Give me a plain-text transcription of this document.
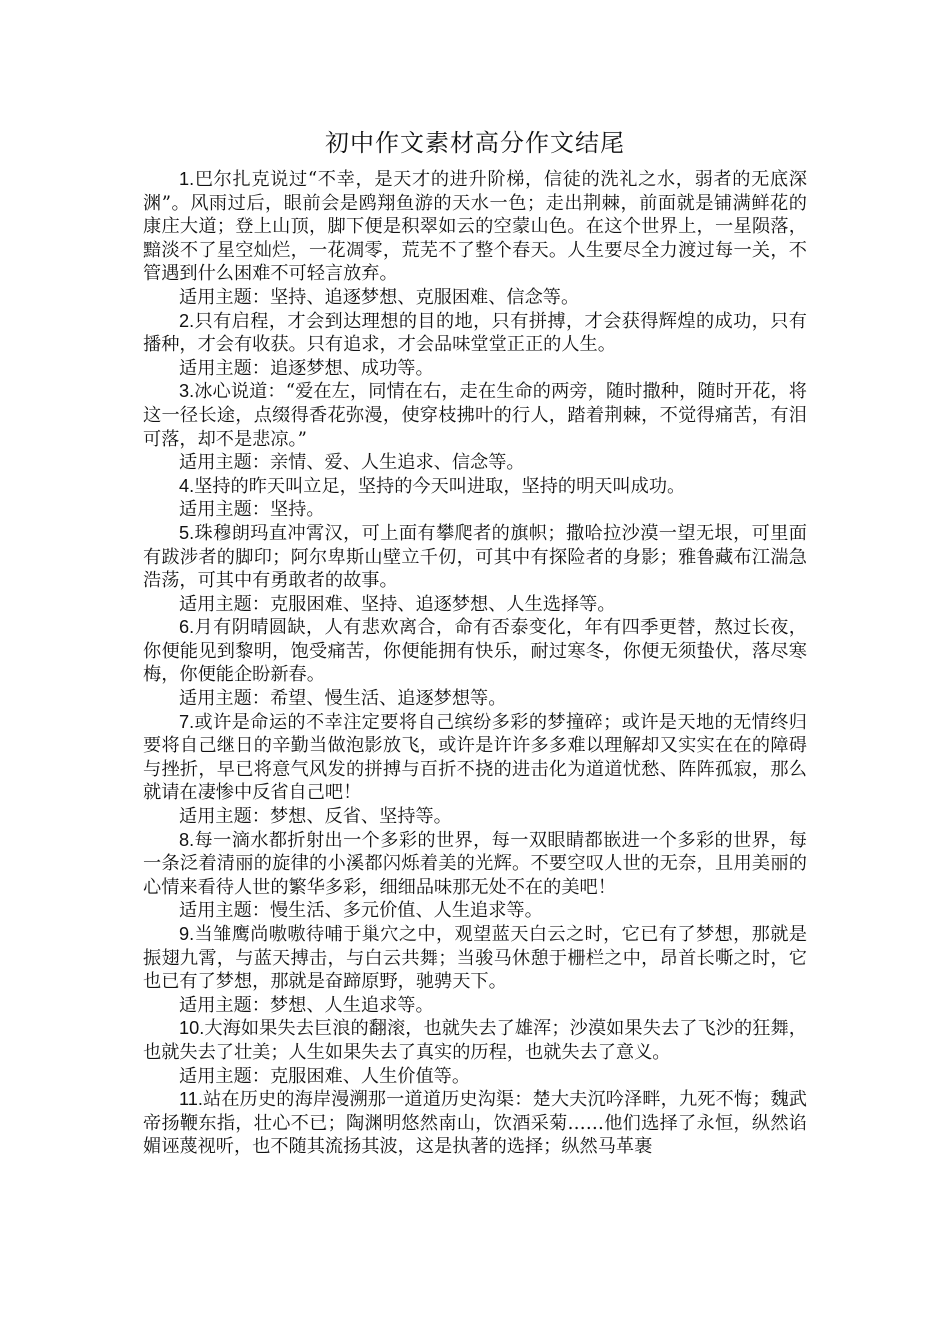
初中作文素材高分作文结尾

1.巴尔扎克说过“不幸，是天才的进升阶梯，信徒的洗礼之水，弱者的无底深渊”。风雨过后，眼前会是鸥翔鱼游的天水一色；走出荆棘，前面就是铺满鲜花的康庄大道；登上山顶，脚下便是积翠如云的空蒙山色。在这个世界上，一星陨落，黯淡不了星空灿烂，一花凋零，荒芜不了整个春天。人生要尽全力渡过每一关，不管遇到什么困难不可轻言放弃。

适用主题：坚持、追逐梦想、克服困难、信念等。

2.只有启程，才会到达理想的目的地，只有拼搏，才会获得辉煌的成功，只有播种，才会有收获。只有追求，才会品味堂堂正正的人生。

适用主题：追逐梦想、成功等。

3.冰心说道：“爱在左，同情在右，走在生命的两旁，随时撒种，随时开花，将这一径长途，点缀得香花弥漫，使穿枝拂叶的行人，踏着荆棘，不觉得痛苦，有泪可落，却不是悲凉。”

适用主题：亲情、爱、人生追求、信念等。

4.坚持的昨天叫立足，坚持的今天叫进取，坚持的明天叫成功。

适用主题：坚持。

5.珠穆朗玛直冲霄汉，可上面有攀爬者的旗帜；撒哈拉沙漠一望无垠，可里面有跋涉者的脚印；阿尔卑斯山壁立千仞，可其中有探险者的身影；雅鲁藏布江湍急浩荡，可其中有勇敢者的故事。

适用主题：克服困难、坚持、追逐梦想、人生选择等。

6.月有阴晴圆缺，人有悲欢离合，命有否泰变化，年有四季更替，熬过长夜，你便能见到黎明，饱受痛苦，你便能拥有快乐，耐过寒冬，你便无须蛰伏，落尽寒梅，你便能企盼新春。

适用主题：希望、慢生活、追逐梦想等。

7.或许是命运的不幸注定要将自己缤纷多彩的梦撞碎；或许是天地的无情终归要将自己继日的辛勤当做泡影放飞，或许是许许多多难以理解却又实实在在的障碍与挫折，早已将意气风发的拼搏与百折不挠的进击化为道道忧愁、阵阵孤寂，那么就请在凄惨中反省自己吧！

适用主题：梦想、反省、坚持等。

8.每一滴水都折射出一个多彩的世界，每一双眼睛都嵌进一个多彩的世界，每一条泛着清丽的旋律的小溪都闪烁着美的光辉。不要空叹人世的无奈，且用美丽的心情来看待人世的繁华多彩，细细品味那无处不在的美吧！

适用主题：慢生活、多元价值、人生追求等。

9.当雏鹰尚嗷嗷待哺于巢穴之中，观望蓝天白云之时，它已有了梦想，那就是振翅九霄，与蓝天搏击，与白云共舞；当骏马休憩于栅栏之中，昂首长嘶之时，它也已有了梦想，那就是奋蹄原野，驰骋天下。

适用主题：梦想、人生追求等。

10.大海如果失去巨浪的翻滚，也就失去了雄浑；沙漠如果失去了飞沙的狂舞，也就失去了壮美；人生如果失去了真实的历程，也就失去了意义。

适用主题：克服困难、人生价值等。

11.站在历史的海岸漫溯那一道道历史沟渠：楚大夫沉吟泽畔，九死不悔；魏武帝扬鞭东指，壮心不已；陶渊明悠然南山，饮酒采菊……他们选择了永恒，纵然谄媚诬蔑视听，也不随其流扬其波，这是执著的选择；纵然马革裹
